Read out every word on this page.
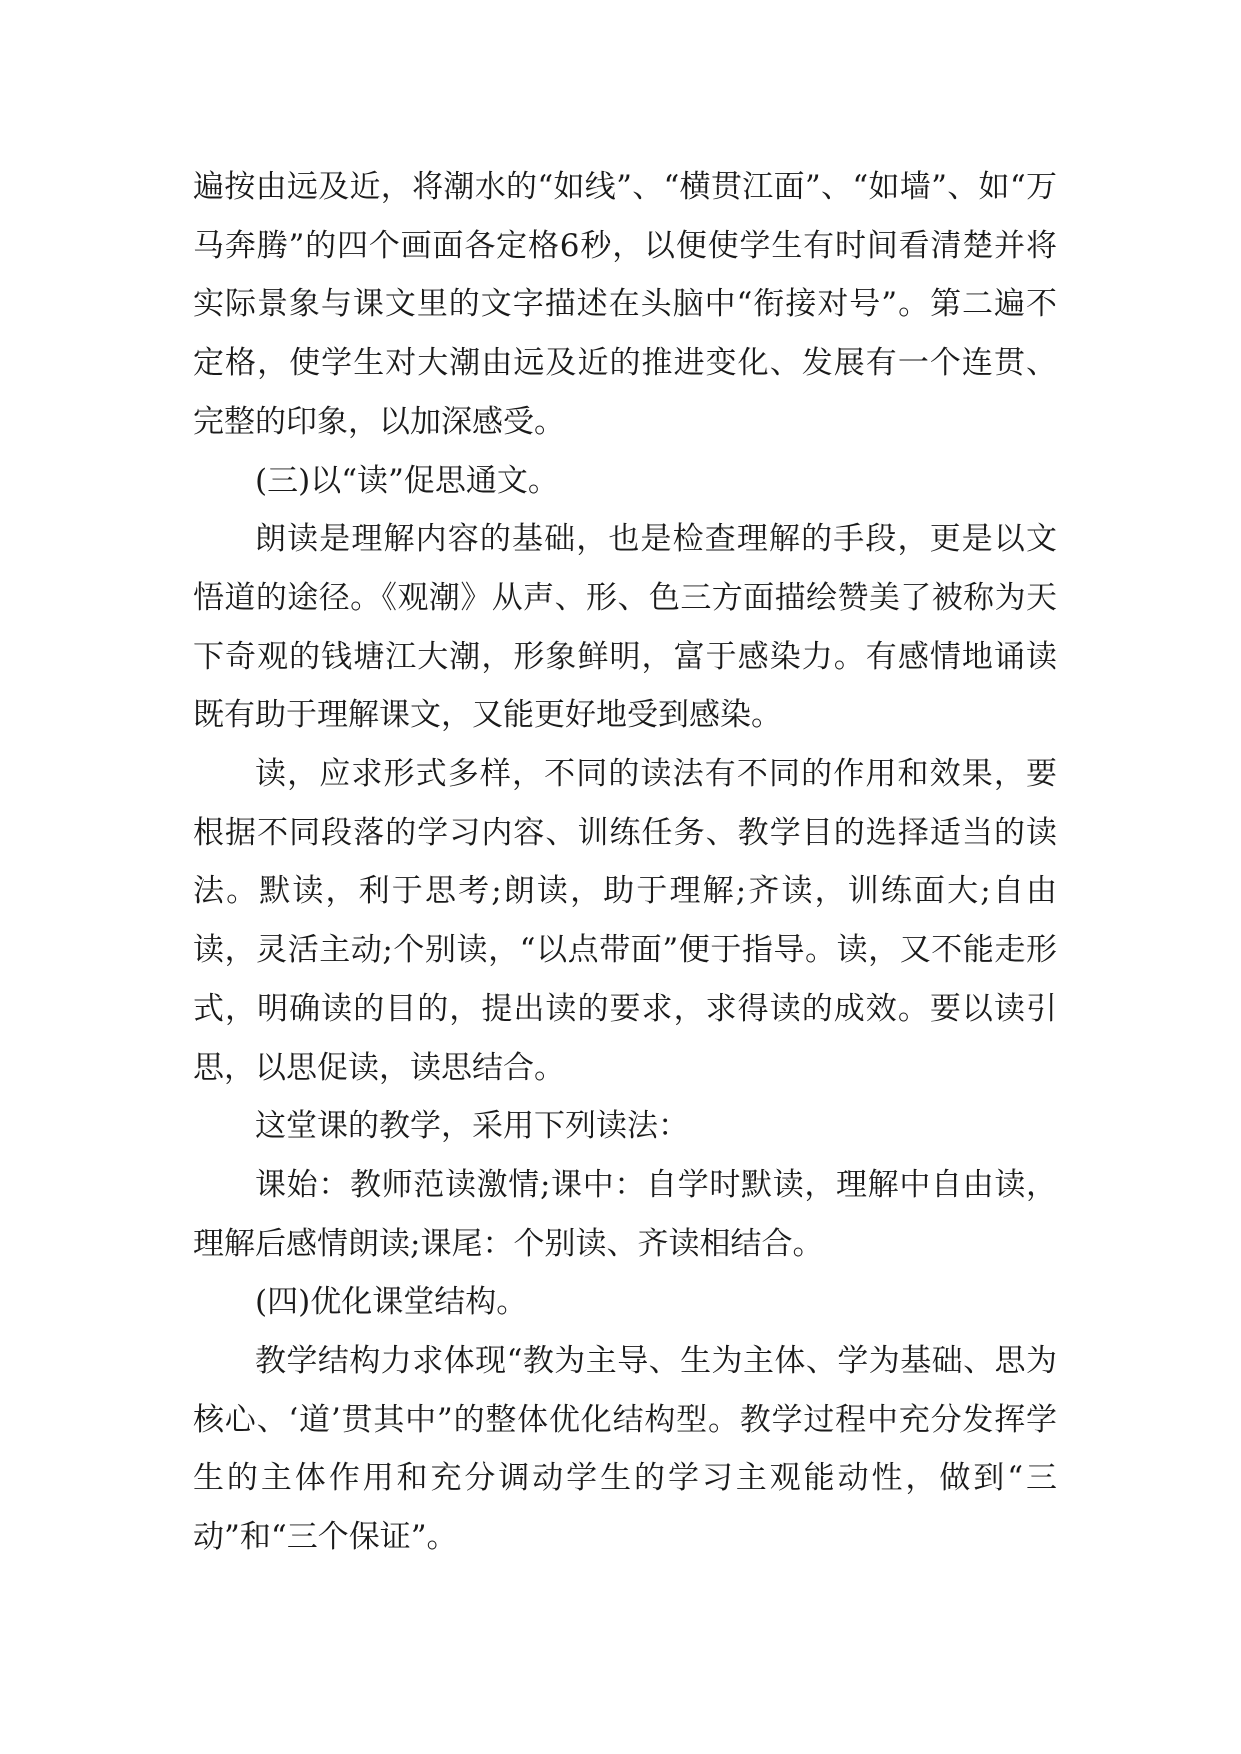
遍按由远及近，将潮水的“如线”、“横贯江面”、“如墙”、如“万马奔腾”的四个画面各定格6秒，以便使学生有时间看清楚并将实际景象与课文里的文字描述在头脑中“衔接对号”。第二遍不定格，使学生对大潮由远及近的推进变化、发展有一个连贯、完整的印象，以加深感受。

(三)以“读”促思通文。

朗读是理解内容的基础，也是检查理解的手段，更是以文悟道的途径。《观潮》从声、形、色三方面描绘赞美了被称为天下奇观的钱塘江大潮，形象鲜明，富于感染力。有感情地诵读既有助于理解课文，又能更好地受到感染。

读，应求形式多样，不同的读法有不同的作用和效果，要根据不同段落的学习内容、训练任务、教学目的选择适当的读法。默读，利于思考;朗读，助于理解;齐读，训练面大;自由读，灵活主动;个别读，“以点带面”便于指导。读，又不能走形式，明确读的目的，提出读的要求，求得读的成效。要以读引思，以思促读，读思结合。

这堂课的教学，采用下列读法：

课始：教师范读激情;课中：自学时默读，理解中自由读，理解后感情朗读;课尾：个别读、齐读相结合。

(四)优化课堂结构。

教学结构力求体现“教为主导、生为主体、学为基础、思为核心、‘道’贯其中”的整体优化结构型。教学过程中充分发挥学生的主体作用和充分调动学生的学习主观能动性，做到“三动”和“三个保证”。
